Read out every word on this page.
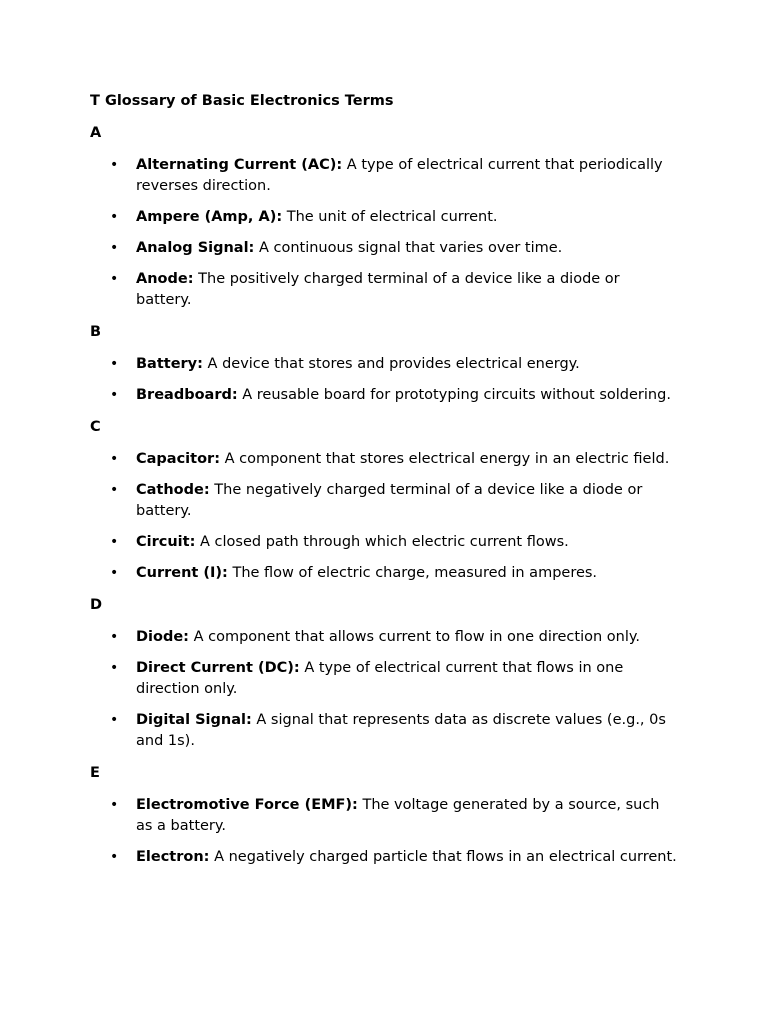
T Glossary of Basic Electronics Terms
A
• Alternating Current (AC): A type of electrical current that periodically reverses direction.
• Ampere (Amp, A): The unit of electrical current.
• Analog Signal: A continuous signal that varies over time.
• Anode: The positively charged terminal of a device like a diode or battery.
B
• Battery: A device that stores and provides electrical energy.
• Breadboard: A reusable board for prototyping circuits without soldering.
C
• Capacitor: A component that stores electrical energy in an electric field.
• Cathode: The negatively charged terminal of a device like a diode or battery.
• Circuit: A closed path through which electric current flows.
• Current (I): The flow of electric charge, measured in amperes.
D
• Diode: A component that allows current to flow in one direction only.
• Direct Current (DC): A type of electrical current that flows in one direction only.
• Digital Signal: A signal that represents data as discrete values (e.g., 0s and 1s).
E
• Electromotive Force (EMF): The voltage generated by a source, such as a battery.
• Electron: A negatively charged particle that flows in an electrical current.
